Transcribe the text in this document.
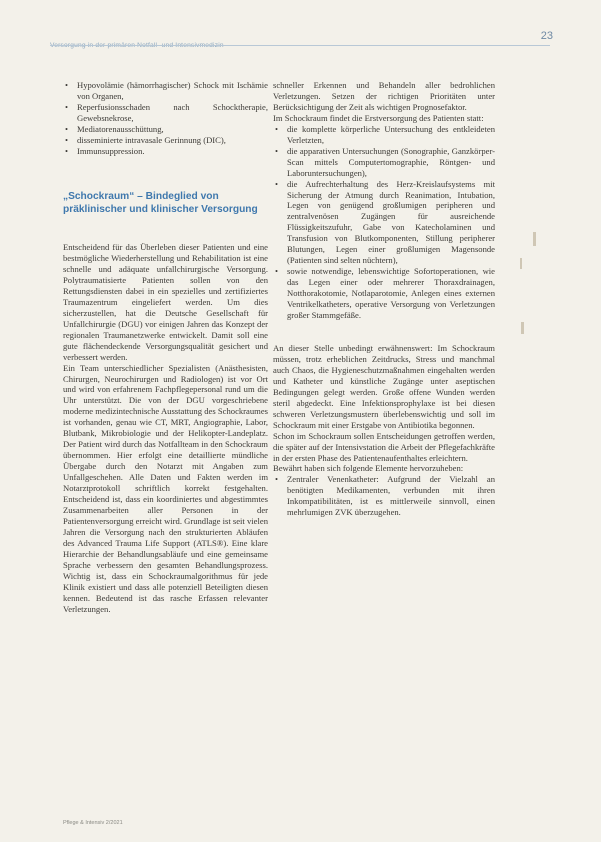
23
• Hypovolämie (hämorrhagischer) Schock mit Ischämie von Organen,
• Reperfusionsschaden nach Schocktherapie, Gewebsnekrose,
• Mediatorenausschüttung,
• disseminierte intravasale Gerinnung (DIC),
• Immunsuppression.
„Schockraum“ – Bindeglied von präklinischer und klinischer Versorgung

Entscheidend für das Überleben dieser Patienten und eine bestmögliche Wiederherstellung und Rehabilitation ist eine schnelle und adäquate unfallchirurgische Versorgung. Polytraumatisierte Patienten sollen von den Rettungsdiensten dabei in ein spezielles und zertifiziertes Traumazentrum eingeliefert werden. Um dies sicherzustellen, hat die Deutsche Gesellschaft für Unfallchirurgie (DGU) vor einigen Jahren das Konzept der regionalen Traumanetzwerke entwickelt. Damit soll eine gute flächendeckende Versorgungsqualität gesichert und verbessert werden.

Ein Team unterschiedlicher Spezialisten (Anästhesisten, Chirurgen, Neurochirurgen und Radiologen) ist vor Ort und wird von erfahrenem Fachpflegepersonal rund um die Uhr unterstützt. Die von der DGU vorgeschriebene moderne medizintechnische Ausstattung des Schockraumes ist vorhanden, genau wie CT, MRT, Angiographie, Labor, Blutbank, Mikrobiologie und der Helikopter-Landeplatz. Der Patient wird durch das Notfallteam in den Schockraum übernommen. Hier erfolgt eine detaillierte mündliche Übergabe durch den Notarzt mit Angaben zum Unfallgeschehen. Alle Daten und Fakten werden im Notarztprotokoll schriftlich korrekt festgehalten. Entscheidend ist, dass ein koordiniertes und abgestimmtes Zusammenarbeiten aller Personen in der Patientenversorgung erreicht wird. Grundlage ist seit vielen Jahren die Versorgung nach den strukturierten Abläufen des Advanced Trauma Life Support (ATLS®). Eine klare Hierarchie der Behandlungsabläufe und eine gemeinsame Sprache verbessern den gesamten Behandlungsprozess. Wichtig ist, dass ein Schockraumalgorithmus für jede Klinik existiert und dass alle potenziell Beteiligten diesen kennen. Bedeutend ist das rasche Erfassen relevanter Verletzungen.

schneller Erkennen und Behandeln aller bedrohlichen Verletzungen. Setzen der richtigen Prioritäten unter Berücksichtigung der Zeit als wichtigen Prognosefaktor.

Im Schockraum findet die Erstversorgung des Patienten statt:

• die komplette körperliche Untersuchung des entkleideten Verletzten,
• die apparativen Untersuchungen (Sonographie, Ganzkörper-Scan mittels Computertomographie, Röntgen- und Laboruntersuchungen),
• die Aufrechterhaltung des Herz-Kreislaufsystems mit Sicherung der Atmung durch Reanimation, Intubation, Legen von genügend großlumigen peripheren und zentralvenösen Zugängen für ausreichende Flüssigkeitszufuhr, Gabe von Katecholaminen und Transfusion von Blutkomponenten, Stillung peripherer Blutungen, Legen einer großlumigen Magensonde (Patienten sind selten nüchtern),
• sowie notwendige, lebenswichtige Sofortoperationen, wie das Legen einer oder mehrerer Thoraxdrainagen, Notthorakotomie, Notlaparotomie, Anlegen eines externen Ventrikelkatheters, operative Versorgung von Verletzungen großer Stammgefäße.

An dieser Stelle unbedingt erwähnenswert: Im Schockraum müssen, trotz erheblichen Zeitdrucks, Stress und manchmal auch Chaos, die Hygieneschutzmaßnahmen eingehalten werden und Katheter und künstliche Zugänge unter aseptischen Bedingungen gelegt werden. Große offene Wunden werden steril abgedeckt. Eine Infektionsprophylaxe ist bei diesen schweren Verletzungsmustern überlebenswichtig und soll im Schockraum mit einer Erstgabe von Antibiotika begonnen.

Schon im Schockraum sollen Entscheidungen getroffen werden, die später auf der Intensivstation die Arbeit der Pflegefachkräfte in der ersten Phase des Patientenaufenthaltes erleichtern.

Bewährt haben sich folgende Elemente hervorzuheben:

• Zentraler Venenkatheter: Aufgrund der Vielzahl an benötigten Medikamenten, verbunden mit ihren Inkompatibilitäten, ist es mittlerweile sinnvoll, einen mehrlumigen ZVK überzugehen.
Pflege & Intensiv 2/2021
